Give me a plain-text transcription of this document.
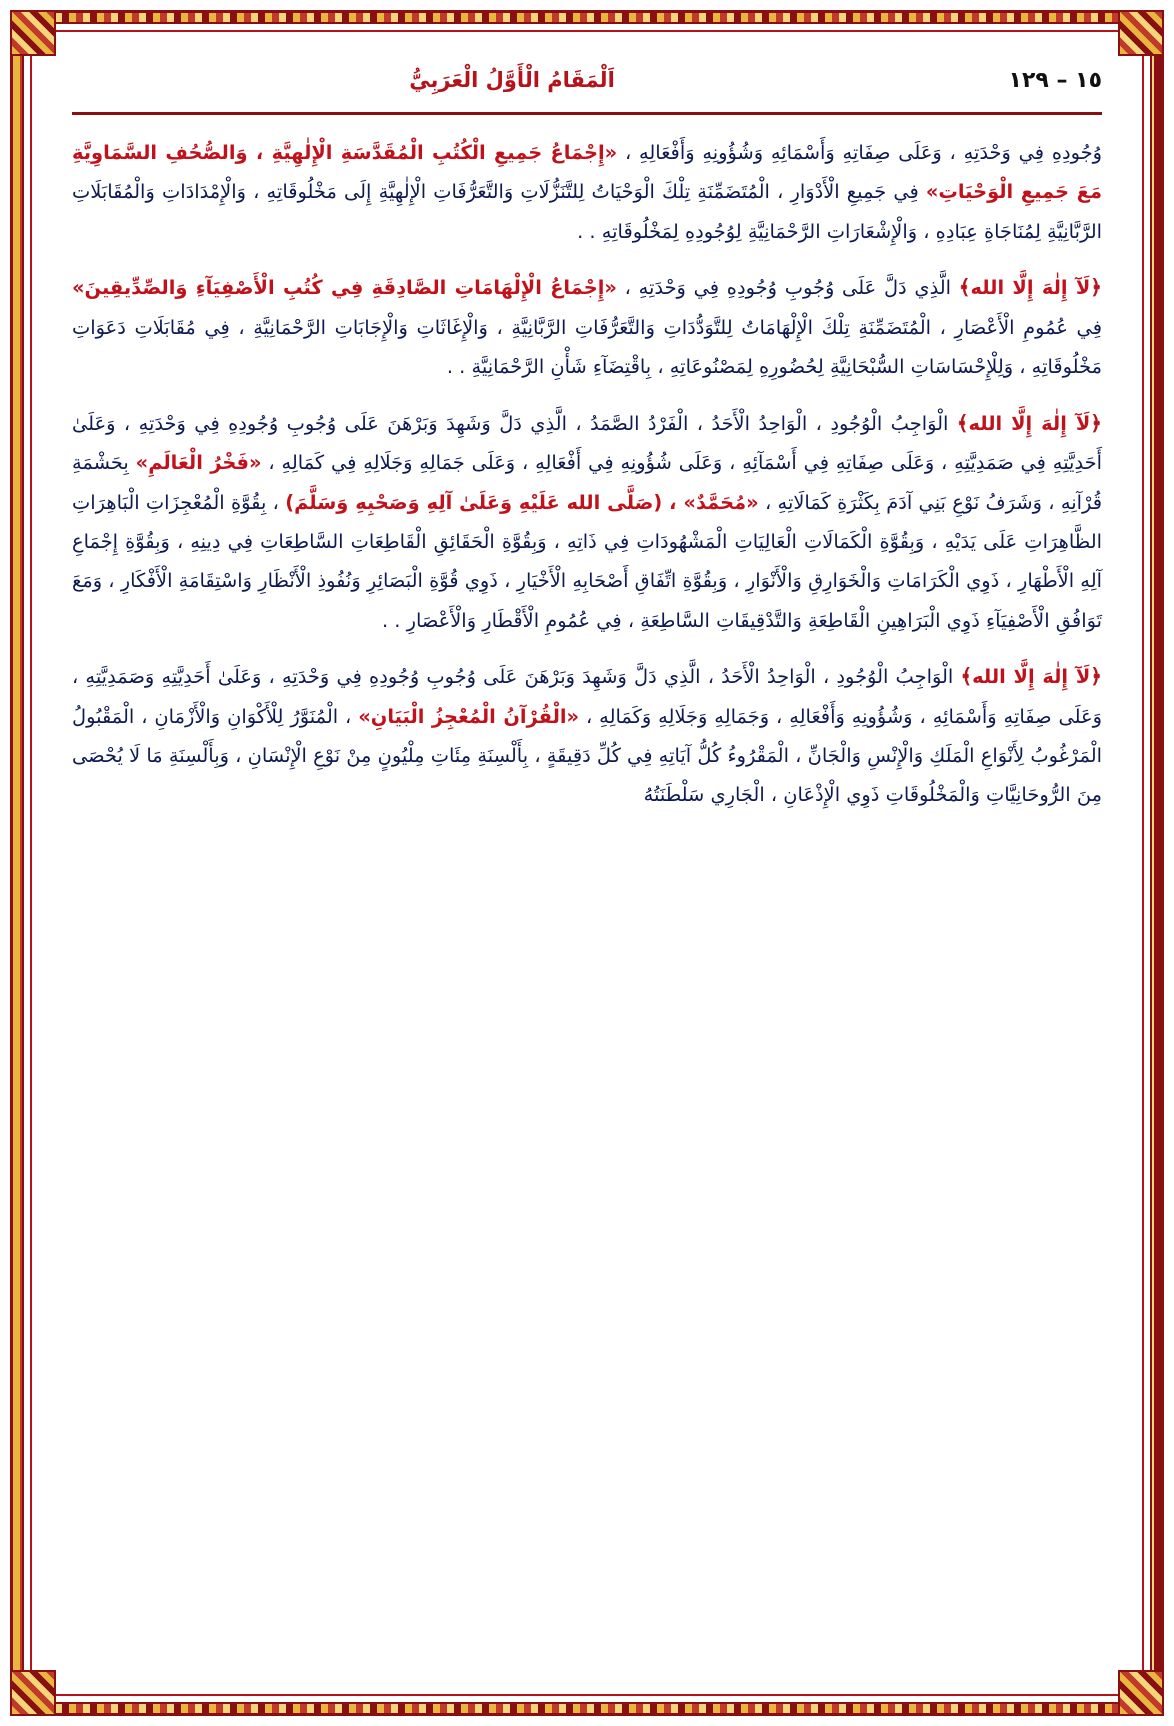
اَلْمَقَامُ الْأَوَّلُ الْعَرَبِيُّ	١٥ – ١٢٩
وُجُودِهِ فِي وَحْدَتِهِ ، وَعَلَى صِفَاتِهِ وَأَسْمَائِهِ وَشُؤُونِهِ وَأَفْعَالِهِ ، «إِجْمَاعُ جَمِيعِ الْكُتُبِ الْمُقَدَّسَةِ الْإِلٰهِيَّةِ ، وَالصُّحُفِ السَّمَاوِيَّةِ مَعَ جَمِيعِ الْوَحْيَاتِ» فِي جَمِيعِ الْأَدْوَارِ ، الْمُتَضَمِّنَةِ تِلْكَ الْوَحْيَاتُ لِلتَّنَزُّلَاتِ وَالتَّعَرُّفَاتِ الْإِلٰهِيَّةِ إِلَى مَخْلُوقَاتِهِ ، وَالْإِمْدَادَاتِ وَالْمُقَابَلَاتِ الرَّبَّانِيَّةِ لِمُنَاجَاةِ عِبَادِهِ ، وَالْإِشْعَارَاتِ الرَّحْمَانِيَّةِ لِوُجُودِهِ لِمَخْلُوقَاتِهِ . .
﴿لَآ إِلٰهَ إِلَّا الله﴾ الَّذِي دَلَّ عَلَى وُجُوبِ وُجُودِهِ فِي وَحْدَتِهِ ، «إِجْمَاعُ الْإِلْهَامَاتِ الصَّادِقَةِ فِي كُتُبِ الْأَصْفِيَآءِ وَالصِّدِّيقِينَ» فِي عُمُومِ الْأَعْصَارِ ، الْمُتَضَمِّنَةِ تِلْكَ الْإِلْهَامَاتُ لِلتَّوَدُّدَاتِ وَالتَّعَرُّفَاتِ الرَّبَّانِيَّةِ ، وَالْإِغَاثَاتِ وَالْإِجَابَاتِ الرَّحْمَانِيَّةِ ، فِي مُقَابَلَاتِ دَعَوَاتِ مَخْلُوقَاتِهِ ، وَلِلْإِحْسَاسَاتِ السُّبْحَانِيَّةِ لِحُضُورِهِ لِمَصْنُوعَاتِهِ ، بِاقْتِضَآءِ شَأْنِ الرَّحْمَانِيَّةِ . .
﴿لَآ إِلٰهَ إِلَّا الله﴾ الْوَاجِبُ الْوُجُودِ ، الْوَاحِدُ الْأَحَدُ ، الْفَرْدُ الصَّمَدُ ، الَّذِي دَلَّ وَشَهِدَ وَبَرْهَنَ عَلَى وُجُوبِ وُجُودِهِ فِي وَحْدَتِهِ ، وَعَلَىٰ أَحَدِيَّتِهِ فِي صَمَدِيَّتِهِ ، وَعَلَى صِفَاتِهِ فِي أَسْمَآئِهِ ، وَعَلَى شُؤُونِهِ فِي أَفْعَالِهِ ، وَعَلَى جَمَالِهِ وَجَلَالِهِ فِي كَمَالِهِ ، «فَخْرُ الْعَالَمِ» بِحَشْمَةِ قُرْآنِهِ ، وَشَرَفُ نَوْعِ بَنِي آدَمَ بِكَثْرَةِ كَمَالَاتِهِ ، «مُحَمَّدٌ» ، (صَلَّى الله عَلَيْهِ وَعَلَىٰ آلِهِ وَصَحْبِهِ وَسَلَّمَ) ، بِقُوَّةِ الْمُعْجِزَاتِ الْبَاهِرَاتِ الظَّاهِرَاتِ عَلَى يَدَيْهِ ، وَبِقُوَّةِ الْكَمَالَاتِ الْعَالِيَاتِ الْمَشْهُودَاتِ فِي ذَاتِهِ ، وَبِقُوَّةِ الْحَقَائِقِ الْقَاطِعَاتِ السَّاطِعَاتِ فِي دِينِهِ ، وَبِقُوَّةِ إِجْمَاعِ آلِهِ الْأَطْهَارِ ، ذَوِي الْكَرَامَاتِ وَالْخَوَارِقِ وَالْأَنْوَارِ ، وَبِقُوَّةِ اتِّفَاقِ أَصْحَابِهِ الْأَخْيَارِ ، ذَوِي قُوَّةِ الْبَصَائِرِ وَنُفُوذِ الْأَنْظَارِ وَاسْتِقَامَةِ الْأَفْكَارِ ، وَمَعَ تَوَافُقِ الْأَصْفِيَآءِ ذَوِي الْبَرَاهِينِ الْقَاطِعَةِ وَالتَّدْقِيقَاتِ السَّاطِعَةِ ، فِي عُمُومِ الْأَقْطَارِ وَالْأَعْصَارِ . .
﴿لَآ إِلٰهَ إِلَّا الله﴾ الْوَاجِبُ الْوُجُودِ ، الْوَاحِدُ الْأَحَدُ ، الَّذِي دَلَّ وَشَهِدَ وَبَرْهَنَ عَلَى وُجُوبِ وُجُودِهِ فِي وَحْدَتِهِ ، وَعَلَىٰ أَحَدِيَّتِهِ وَصَمَدِيَّتِهِ ، وَعَلَى صِفَاتِهِ وَأَسْمَائِهِ ، وَشُؤُونِهِ وَأَفْعَالِهِ ، وَجَمَالِهِ وَجَلَالِهِ وَكَمَالِهِ ، «الْقُرْآنُ الْمُعْجِزُ الْبَيَانِ» ، الْمُنَوَّرُ لِلْأَكْوَانِ وَالْأَزْمَانِ ، الْمَقْبُولُ الْمَرْغُوبُ لِأَنْوَاعِ الْمَلَكِ وَالْإِنْسِ وَالْجَانِّ ، الْمَقْرُوءُ كُلُّ آيَاتِهِ فِي كُلِّ دَقِيقَةٍ ، بِأَلْسِنَةِ مِئَاتِ مِلْيُونٍ مِنْ نَوْعِ الْإِنْسَانِ ، وَبِأَلْسِنَةِ مَا لَا يُحْصَى مِنَ الرُّوحَانِيَّاتِ وَالْمَخْلُوقَاتِ ذَوِي الْإِذْعَانِ ، الْجَارِي سَلْطَنَتُهُ
